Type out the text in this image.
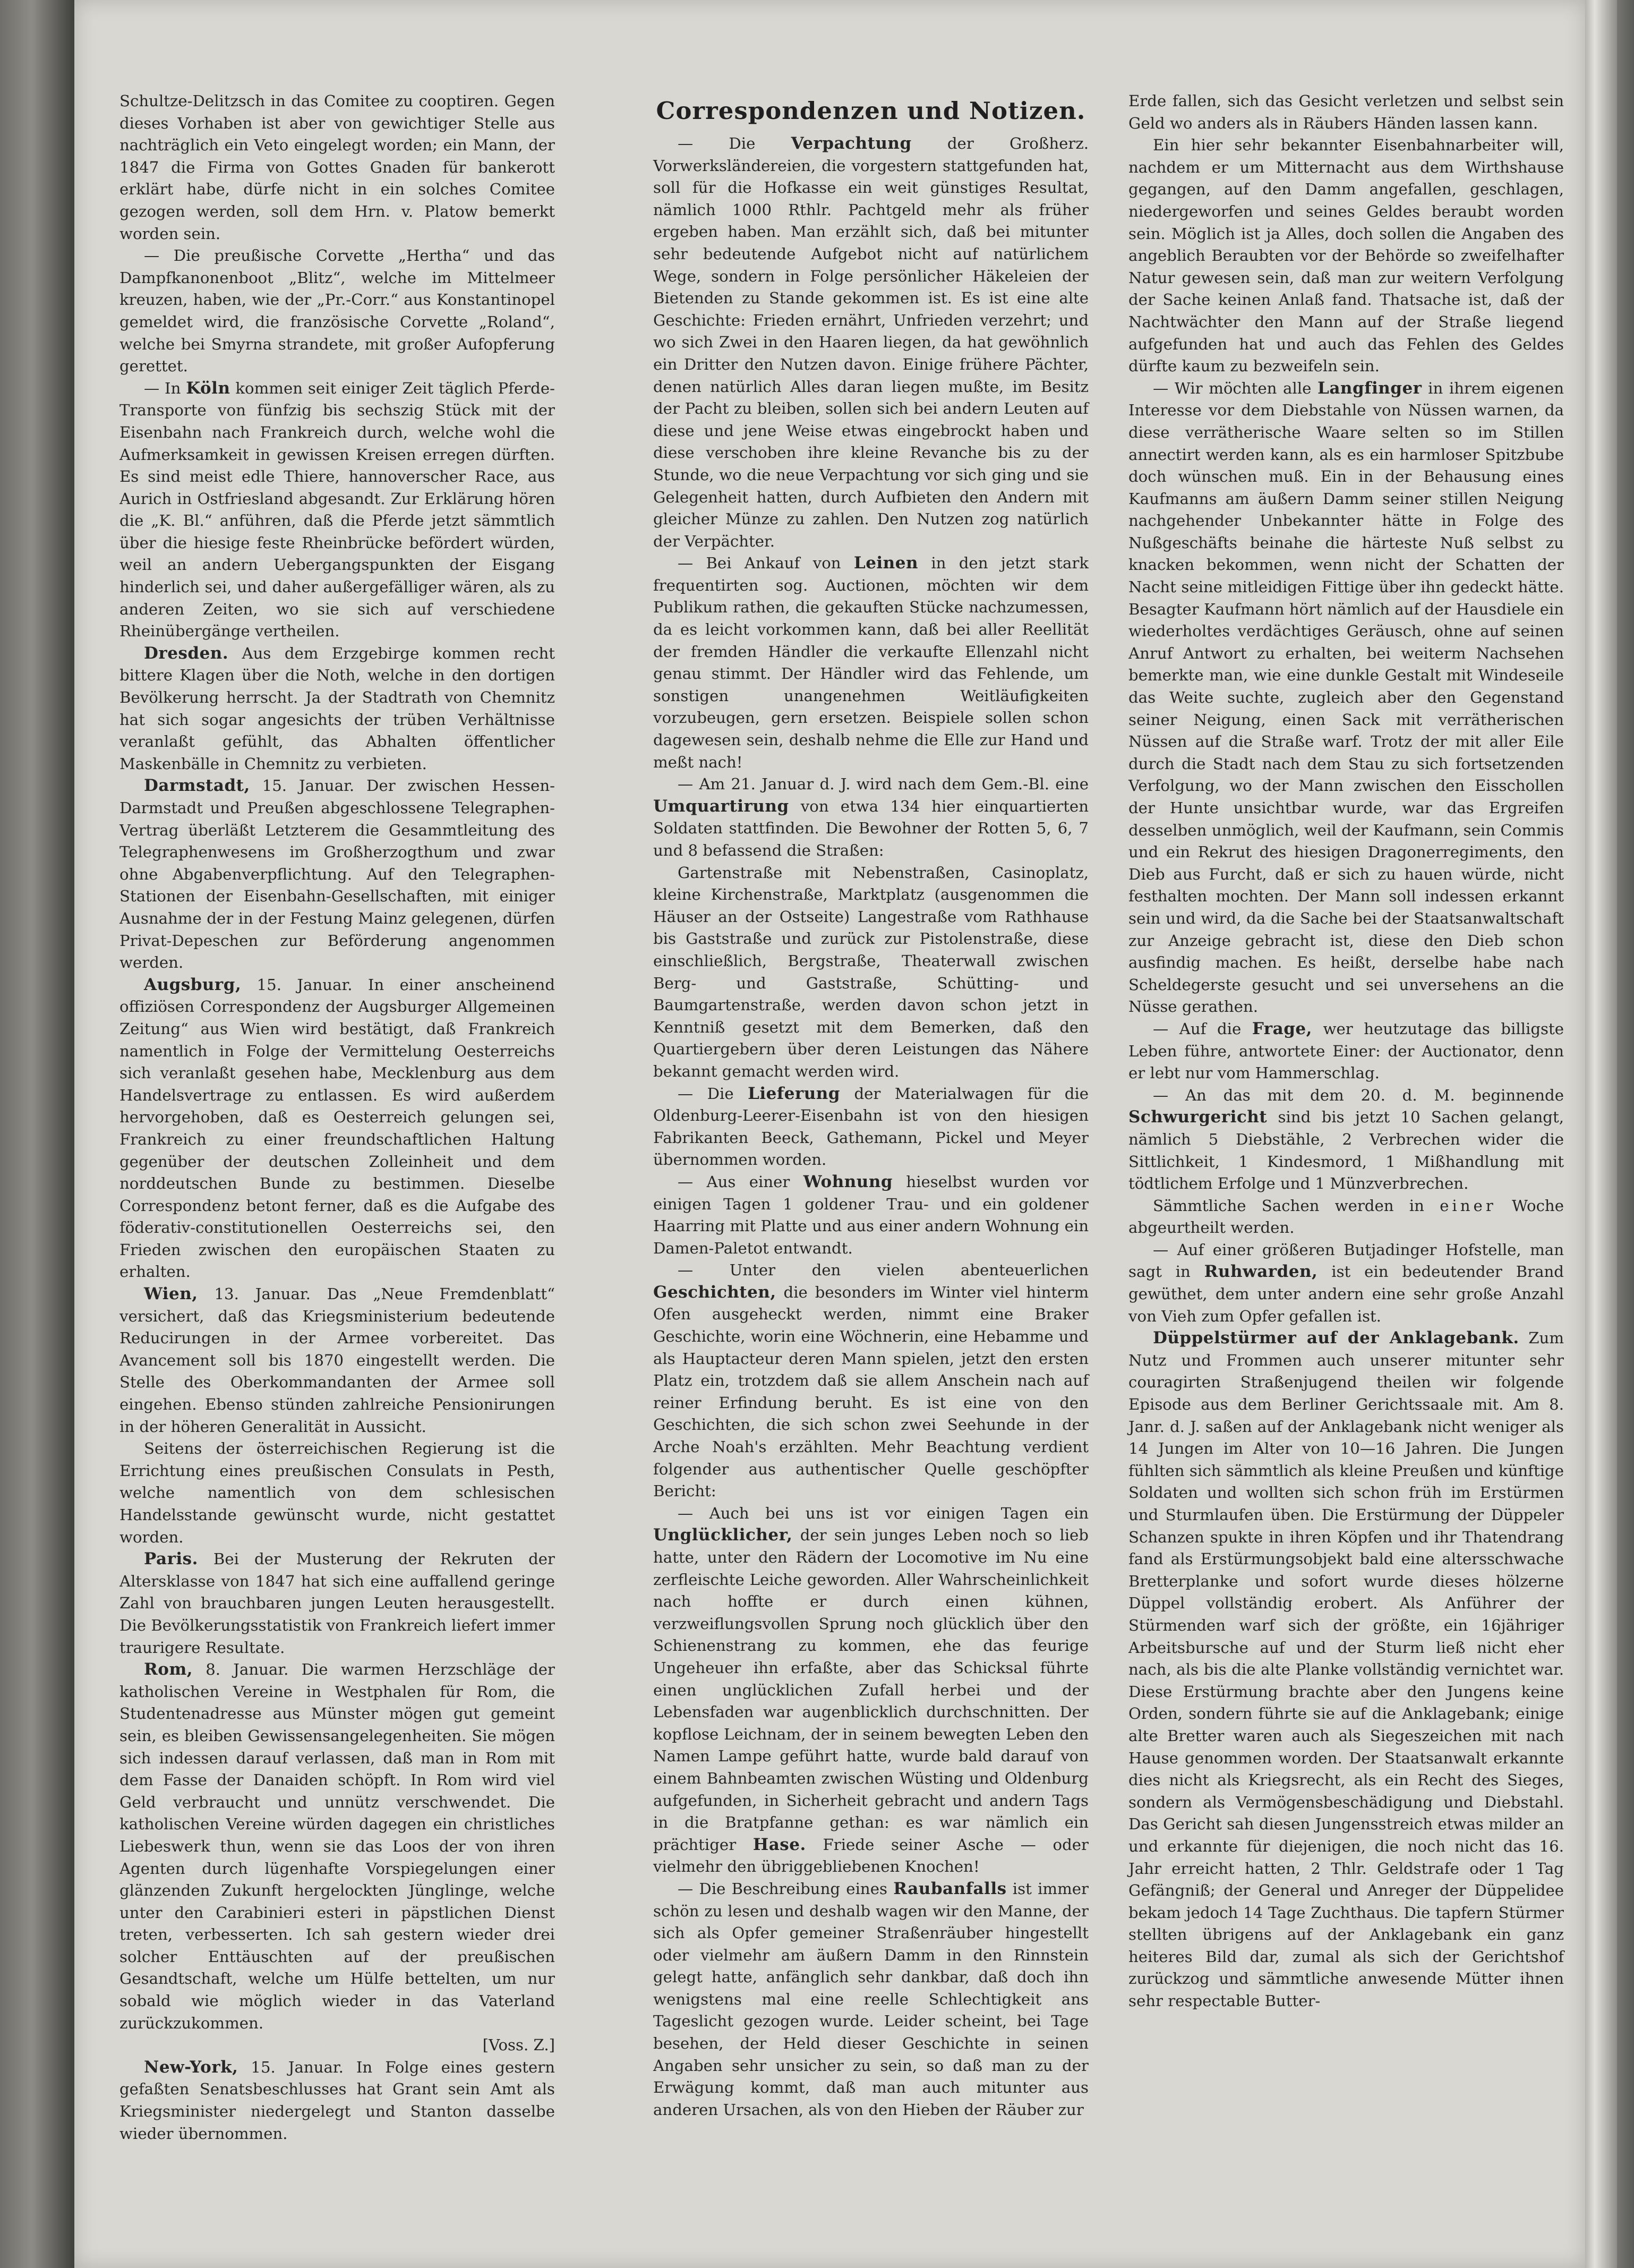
Schultze-Delitzsch in das Comitee zu cooptiren. Gegen dieses Vorhaben ist aber von gewichtiger Stelle aus nachträglich ein Veto eingelegt worden; ein Mann, der 1847 die Firma von Gottes Gnaden für bankerott erklärt habe, dürfe nicht in ein solches Comitee gezogen werden, soll dem Hrn. v. Platow bemerkt worden sein.

— Die preußische Corvette „Hertha“ und das Dampfkanonenboot „Blitz“, welche im Mittelmeer kreuzen, haben, wie der „Pr.-Corr.“ aus Konstantinopel gemeldet wird, die französische Corvette „Roland“, welche bei Smyrna strandete, mit großer Aufopferung gerettet.

— In Köln kommen seit einiger Zeit täglich Pferde-Transporte von fünfzig bis sechszig Stück mit der Eisenbahn nach Frankreich durch, welche wohl die Aufmerksamkeit in gewissen Kreisen erregen dürften. Es sind meist edle Thiere, hannoverscher Race, aus Aurich in Ostfriesland abgesandt. Zur Erklärung hören die „K. Bl.“ anführen, daß die Pferde jetzt sämmtlich über die hiesige feste Rheinbrücke befördert würden, weil an andern Uebergangspunkten der Eisgang hinderlich sei, und daher außergefälliger wären, als zu anderen Zeiten, wo sie sich auf verschiedene Rheinübergänge vertheilen.

Dresden. Aus dem Erzgebirge kommen recht bittere Klagen über die Noth, welche in den dortigen Bevölkerung herrscht. Ja der Stadtrath von Chemnitz hat sich sogar angesichts der trüben Verhältnisse veranlaßt gefühlt, das Abhalten öffentlicher Maskenbälle in Chemnitz zu verbieten.

Darmstadt, 15. Januar. Der zwischen Hessen-Darmstadt und Preußen abgeschlossene Telegraphen-Vertrag überläßt Letzterem die Gesammtleitung des Telegraphenwesens im Großherzogthum und zwar ohne Abgabenverpflichtung. Auf den Telegraphen-Stationen der Eisenbahn-Gesellschaften, mit einiger Ausnahme der in der Festung Mainz gelegenen, dürfen Privat-Depeschen zur Beförderung angenommen werden.

Augsburg, 15. Januar. In einer anscheinend offiziösen Correspondenz der Augsburger Allgemeinen Zeitung“ aus Wien wird bestätigt, daß Frankreich namentlich in Folge der Vermittelung Oesterreichs sich veranlaßt gesehen habe, Mecklenburg aus dem Handelsvertrage zu entlassen. Es wird außerdem hervorgehoben, daß es Oesterreich gelungen sei, Frankreich zu einer freundschaftlichen Haltung gegenüber der deutschen Zolleinheit und dem norddeutschen Bunde zu bestimmen. Dieselbe Correspondenz betont ferner, daß es die Aufgabe des föderativ-constitutionellen Oesterreichs sei, den Frieden zwischen den europäischen Staaten zu erhalten.

Wien, 13. Januar. Das „Neue Fremdenblatt“ versichert, daß das Kriegsministerium bedeutende Reducirungen in der Armee vorbereitet. Das Avancement soll bis 1870 eingestellt werden. Die Stelle des Oberkommandanten der Armee soll eingehen. Ebenso stünden zahlreiche Pensionirungen in der höheren Generalität in Aussicht.

Seitens der österreichischen Regierung ist die Errichtung eines preußischen Consulats in Pesth, welche namentlich von dem schlesischen Handelsstande gewünscht wurde, nicht gestattet worden.

Paris. Bei der Musterung der Rekruten der Altersklasse von 1847 hat sich eine auffallend geringe Zahl von brauchbaren jungen Leuten herausgestellt. Die Bevölkerungsstatistik von Frankreich liefert immer traurigere Resultate.

Rom, 8. Januar. Die warmen Herzschläge der katholischen Vereine in Westphalen für Rom, die Studentenadresse aus Münster mögen gut gemeint sein, es bleiben Gewissensangelegenheiten. Sie mögen sich indessen darauf verlassen, daß man in Rom mit dem Fasse der Danaiden schöpft. In Rom wird viel Geld verbraucht und unnütz verschwendet. Die katholischen Vereine würden dagegen ein christliches Liebeswerk thun, wenn sie das Loos der von ihren Agenten durch lügenhafte Vorspiegelungen einer glänzenden Zukunft hergelockten Jünglinge, welche unter den Carabinieri esteri in päpstlichen Dienst treten, verbesserten. Ich sah gestern wieder drei solcher Enttäuschten auf der preußischen Gesandtschaft, welche um Hülfe bettelten, um nur sobald wie möglich wieder in das Vaterland zurückzukommen.
[Voss. Z.]

New-York, 15. Januar. In Folge eines gestern gefaßten Senatsbeschlusses hat Grant sein Amt als Kriegsminister niedergelegt und Stanton dasselbe wieder übernommen.

Correspondenzen und Notizen.

— Die Verpachtung der Großherz. Vorwerksländereien, die vorgestern stattgefunden hat, soll für die Hofkasse ein weit günstiges Resultat, nämlich 1000 Rthlr. Pachtgeld mehr als früher ergeben haben. Man erzählt sich, daß bei mitunter sehr bedeutende Aufgebot nicht auf natürlichem Wege, sondern in Folge persönlicher Häkeleien der Bietenden zu Stande gekommen ist. Es ist eine alte Geschichte: Frieden ernährt, Unfrieden verzehrt; und wo sich Zwei in den Haaren liegen, da hat gewöhnlich ein Dritter den Nutzen davon. Einige frühere Pächter, denen natürlich Alles daran liegen mußte, im Besitz der Pacht zu bleiben, sollen sich bei andern Leuten auf diese und jene Weise etwas eingebrockt haben und diese verschoben ihre kleine Revanche bis zu der Stunde, wo die neue Verpachtung vor sich ging und sie Gelegenheit hatten, durch Aufbieten den Andern mit gleicher Münze zu zahlen. Den Nutzen zog natürlich der Verpächter.

— Bei Ankauf von Leinen in den jetzt stark frequentirten sog. Auctionen, möchten wir dem Publikum rathen, die gekauften Stücke nachzumessen, da es leicht vorkommen kann, daß bei aller Reellität der fremden Händler die verkaufte Ellenzahl nicht genau stimmt. Der Händler wird das Fehlende, um sonstigen unangenehmen Weitläufigkeiten vorzubeugen, gern ersetzen. Beispiele sollen schon dagewesen sein, deshalb nehme die Elle zur Hand und meßt nach!

— Am 21. Januar d. J. wird nach dem Gem.-Bl. eine Umquartirung von etwa 134 hier einquartierten Soldaten stattfinden. Die Bewohner der Rotten 5, 6, 7 und 8 befassend die Straßen:

Gartenstraße mit Nebenstraßen, Casinoplatz, kleine Kirchenstraße, Marktplatz (ausgenommen die Häuser an der Ostseite) Langestraße vom Rathhause bis Gaststraße und zurück zur Pistolenstraße, diese einschließlich, Bergstraße, Theaterwall zwischen Berg- und Gaststraße, Schütting- und Baumgartenstraße, werden davon schon jetzt in Kenntniß gesetzt mit dem Bemerken, daß den Quartiergebern über deren Leistungen das Nähere bekannt gemacht werden wird.

— Die Lieferung der Materialwagen für die Oldenburg-Leerer-Eisenbahn ist von den hiesigen Fabrikanten Beeck, Gathemann, Pickel und Meyer übernommen worden.

— Aus einer Wohnung hieselbst wurden vor einigen Tagen 1 goldener Trau- und ein goldener Haarring mit Platte und aus einer andern Wohnung ein Damen-Paletot entwandt.

— Unter den vielen abenteuerlichen Geschichten, die besonders im Winter viel hinterm Ofen ausgeheckt werden, nimmt eine Braker Geschichte, worin eine Wöchnerin, eine Hebamme und als Hauptacteur deren Mann spielen, jetzt den ersten Platz ein, trotzdem daß sie allem Anschein nach auf reiner Erfindung beruht. Es ist eine von den Geschichten, die sich schon zwei Seehunde in der Arche Noah's erzählten. Mehr Beachtung verdient folgender aus authentischer Quelle geschöpfter Bericht:

— Auch bei uns ist vor einigen Tagen ein Unglücklicher, der sein junges Leben noch so lieb hatte, unter den Rädern der Locomotive im Nu eine zerfleischte Leiche geworden. Aller Wahrscheinlichkeit nach hoffte er durch einen kühnen, verzweiflungsvollen Sprung noch glücklich über den Schienenstrang zu kommen, ehe das feurige Ungeheuer ihn erfaßte, aber das Schicksal führte einen unglücklichen Zufall herbei und der Lebensfaden war augenblicklich durchschnitten. Der kopflose Leichnam, der in seinem bewegten Leben den Namen Lampe geführt hatte, wurde bald darauf von einem Bahnbeamten zwischen Wüsting und Oldenburg aufgefunden, in Sicherheit gebracht und andern Tags in die Bratpfanne gethan: es war nämlich ein prächtiger Hase. Friede seiner Asche — oder vielmehr den übriggebliebenen Knochen!

— Die Beschreibung eines Raubanfalls ist immer schön zu lesen und deshalb wagen wir den Manne, der sich als Opfer gemeiner Straßenräuber hingestellt oder vielmehr am äußern Damm in den Rinnstein gelegt hatte, anfänglich sehr dankbar, daß doch ihn wenigstens mal eine reelle Schlechtigkeit ans Tageslicht gezogen wurde. Leider scheint, bei Tage besehen, der Held dieser Geschichte in seinen Angaben sehr unsicher zu sein, so daß man zu der Erwägung kommt, daß man auch mitunter aus anderen Ursachen, als von den Hieben der Räuber zur

Erde fallen, sich das Gesicht verletzen und selbst sein Geld wo anders als in Räubers Händen lassen kann.

Ein hier sehr bekannter Eisenbahnarbeiter will, nachdem er um Mitternacht aus dem Wirthshause gegangen, auf den Damm angefallen, geschlagen, niedergeworfen und seines Geldes beraubt worden sein. Möglich ist ja Alles, doch sollen die Angaben des angeblich Beraubten vor der Behörde so zweifelhafter Natur gewesen sein, daß man zur weitern Verfolgung der Sache keinen Anlaß fand. Thatsache ist, daß der Nachtwächter den Mann auf der Straße liegend aufgefunden hat und auch das Fehlen des Geldes dürfte kaum zu bezweifeln sein.

— Wir möchten alle Langfinger in ihrem eigenen Interesse vor dem Diebstahle von Nüssen warnen, da diese verrätherische Waare selten so im Stillen annectirt werden kann, als es ein harmloser Spitzbube doch wünschen muß. Ein in der Behausung eines Kaufmanns am äußern Damm seiner stillen Neigung nachgehender Unbekannter hätte in Folge des Nußgeschäfts beinahe die härteste Nuß selbst zu knacken bekommen, wenn nicht der Schatten der Nacht seine mitleidigen Fittige über ihn gedeckt hätte. Besagter Kaufmann hört nämlich auf der Hausdiele ein wiederholtes verdächtiges Geräusch, ohne auf seinen Anruf Antwort zu erhalten, bei weiterm Nachsehen bemerkte man, wie eine dunkle Gestalt mit Windeseile das Weite suchte, zugleich aber den Gegenstand seiner Neigung, einen Sack mit verrätherischen Nüssen auf die Straße warf. Trotz der mit aller Eile durch die Stadt nach dem Stau zu sich fortsetzenden Verfolgung, wo der Mann zwischen den Eisschollen der Hunte unsichtbar wurde, war das Ergreifen desselben unmöglich, weil der Kaufmann, sein Commis und ein Rekrut des hiesigen Dragonerregiments, den Dieb aus Furcht, daß er sich zu hauen würde, nicht festhalten mochten. Der Mann soll indessen erkannt sein und wird, da die Sache bei der Staatsanwaltschaft zur Anzeige gebracht ist, diese den Dieb schon ausfindig machen. Es heißt, derselbe habe nach Scheldegerste gesucht und sei unversehens an die Nüsse gerathen.

— Auf die Frage, wer heutzutage das billigste Leben führe, antwortete Einer: der Auctionator, denn er lebt nur vom Hammerschlag.

— An das mit dem 20. d. M. beginnende Schwurgericht sind bis jetzt 10 Sachen gelangt, nämlich 5 Diebstähle, 2 Verbrechen wider die Sittlichkeit, 1 Kindesmord, 1 Mißhandlung mit tödtlichem Erfolge und 1 Münzverbrechen.

Sämmtliche Sachen werden in einer Woche abgeurtheilt werden.

— Auf einer größeren Butjadinger Hofstelle, man sagt in Ruhwarden, ist ein bedeutender Brand gewüthet, dem unter andern eine sehr große Anzahl von Vieh zum Opfer gefallen ist.

Düppelstürmer auf der Anklagebank. Zum Nutz und Frommen auch unserer mitunter sehr couragirten Straßenjugend theilen wir folgende Episode aus dem Berliner Gerichtssaale mit. Am 8. Janr. d. J. saßen auf der Anklagebank nicht weniger als 14 Jungen im Alter von 10—16 Jahren. Die Jungen fühlten sich sämmtlich als kleine Preußen und künftige Soldaten und wollten sich schon früh im Erstürmen und Sturmlaufen üben. Die Erstürmung der Düppeler Schanzen spukte in ihren Köpfen und ihr Thatendrang fand als Erstürmungsobjekt bald eine altersschwache Bretterplanke und sofort wurde dieses hölzerne Düppel vollständig erobert. Als Anführer der Stürmenden warf sich der größte, ein 16jähriger Arbeitsbursche auf und der Sturm ließ nicht eher nach, als bis die alte Planke vollständig vernichtet war. Diese Erstürmung brachte aber den Jungens keine Orden, sondern führte sie auf die Anklagebank; einige alte Bretter waren auch als Siegeszeichen mit nach Hause genommen worden. Der Staatsanwalt erkannte dies nicht als Kriegsrecht, als ein Recht des Sieges, sondern als Vermögensbeschädigung und Diebstahl. Das Gericht sah diesen Jungensstreich etwas milder an und erkannte für diejenigen, die noch nicht das 16. Jahr erreicht hatten, 2 Thlr. Geldstrafe oder 1 Tag Gefängniß; der General und Anreger der Düppelidee bekam jedoch 14 Tage Zuchthaus. Die tapfern Stürmer stellten übrigens auf der Anklagebank ein ganz heiteres Bild dar, zumal als sich der Gerichtshof zurückzog und sämmtliche anwesende Mütter ihnen sehr respectable Butter-
